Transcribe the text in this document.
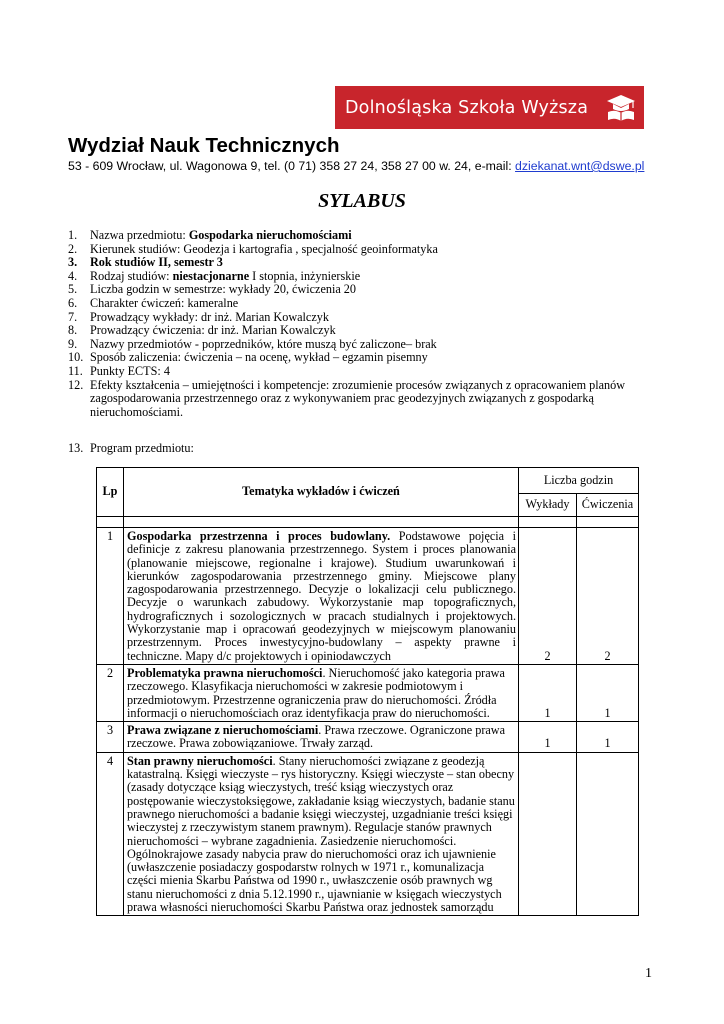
Dolnośląska Szkoła Wyższa
Wydział Nauk Technicznych
53 - 609 Wrocław, ul. Wagonowa 9, tel. (0 71) 358 27 24, 358 27 00 w. 24, e-mail: dziekanat.wnt@dswe.pl
SYLABUS
1. Nazwa przedmiotu: Gospodarka nieruchomościami
2. Kierunek studiów: Geodezja i kartografia , specjalność geoinformatyka
3. Rok studiów II, semestr 3
4. Rodzaj studiów: niestacjonarne I stopnia, inżynierskie
5. Liczba godzin w semestrze: wykłady 20, ćwiczenia 20
6. Charakter ćwiczeń: kameralne
7. Prowadzący wykłady: dr inż. Marian Kowalczyk
8. Prowadzący ćwiczenia: dr inż. Marian Kowalczyk
9. Nazwy przedmiotów - poprzedników, które muszą być zaliczone– brak
10. Sposób zaliczenia: ćwiczenia – na ocenę, wykład – egzamin pisemny
11. Punkty ECTS: 4
12. Efekty kształcenia – umiejętności i kompetencje: zrozumienie procesów związanych z opracowaniem planów zagospodarowania przestrzennego oraz z wykonywaniem prac geodezyjnych związanych z gospodarką nieruchomościami.
13. Program przedmiotu:
Lp	Tematyka wykładów i ćwiczeń	Liczba godzin	
		Wykłady	Ćwiczenia

1	Gospodarka przestrzenna i proces budowlany. Podstawowe pojęcia i definicje z zakresu planowania przestrzennego. System i proces planowania (planowanie miejscowe, regionalne i krajowe). Studium uwarunkowań i kierunków zagospodarowania przestrzennego gminy. Miejscowe plany zagospodarowania przestrzennego. Decyzje o lokalizacji celu publicznego. Decyzje o warunkach zabudowy. Wykorzystanie map topograficznych, hydrograficznych i sozologicznych w pracach studialnych i projektowych. Wykorzystanie map i opracowań geodezyjnych w miejscowym planowaniu przestrzennym. Proces inwestycyjno-budowlany – aspekty prawne i techniczne. Mapy d/c projektowych i opiniodawczych	2	2
2	Problematyka prawna nieruchomości. Nieruchomość jako kategoria prawa rzeczowego. Klasyfikacja nieruchomości w zakresie podmiotowym i przedmiotowym. Przestrzenne ograniczenia praw do nieruchomości. Źródła informacji o nieruchomościach oraz identyfikacja praw do nieruchomości.	1	1
3	Prawa związane z nieruchomościami. Prawa rzeczowe. Ograniczone prawa rzeczowe. Prawa zobowiązaniowe. Trwały zarząd.	1	1
4	Stan prawny nieruchomości. Stany nieruchomości związane z geodezją katastralną. Księgi wieczyste – rys historyczny. Księgi wieczyste – stan obecny (zasady dotyczące ksiąg wieczystych, treść ksiąg wieczystych oraz postępowanie wieczystoksięgowe, zakładanie ksiąg wieczystych, badanie stanu prawnego nieruchomości a badanie księgi wieczystej, uzgadnianie treści księgi wieczystej z rzeczywistym stanem prawnym). Regulacje stanów prawnych nieruchomości – wybrane zagadnienia. Zasiedzenie nieruchomości. Ogólnokrajowe zasady nabycia praw do nieruchomości oraz ich ujawnienie (uwłaszczenie posiadaczy gospodarstw rolnych w 1971 r., komunalizacja części mienia Skarbu Państwa od 1990 r., uwłaszczenie osób prawnych wg stanu nieruchomości z dnia 5.12.1990 r., ujawnianie w księgach wieczystych prawa własności nieruchomości Skarbu Państwa oraz jednostek samorządu		
1
